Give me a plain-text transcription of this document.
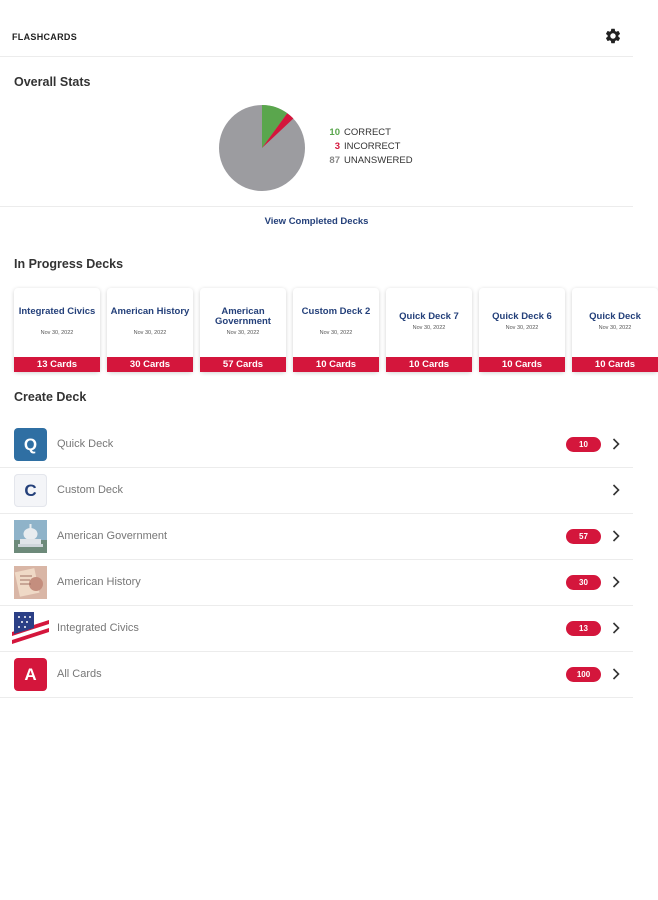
FLASHCARDS
Overall Stats
10 CORRECT
3 INCORRECT
87 UNANSWERED
View Completed Decks
In Progress Decks
Integrated Civics
Nov 30, 2022
13 Cards
American History
Nov 30, 2022
30 Cards
American Government
Nov 30, 2022
57 Cards
Custom Deck 2
Nov 30, 2022
10 Cards
Quick Deck 7
Nov 30, 2022
10 Cards
Quick Deck 6
Nov 30, 2022
10 Cards
Quick Deck
Nov 30, 2022
10 Cards
Create Deck
Q	Quick Deck	10
C	Custom Deck
American Government	57
American History	30
Integrated Civics	13
A	All Cards	100
